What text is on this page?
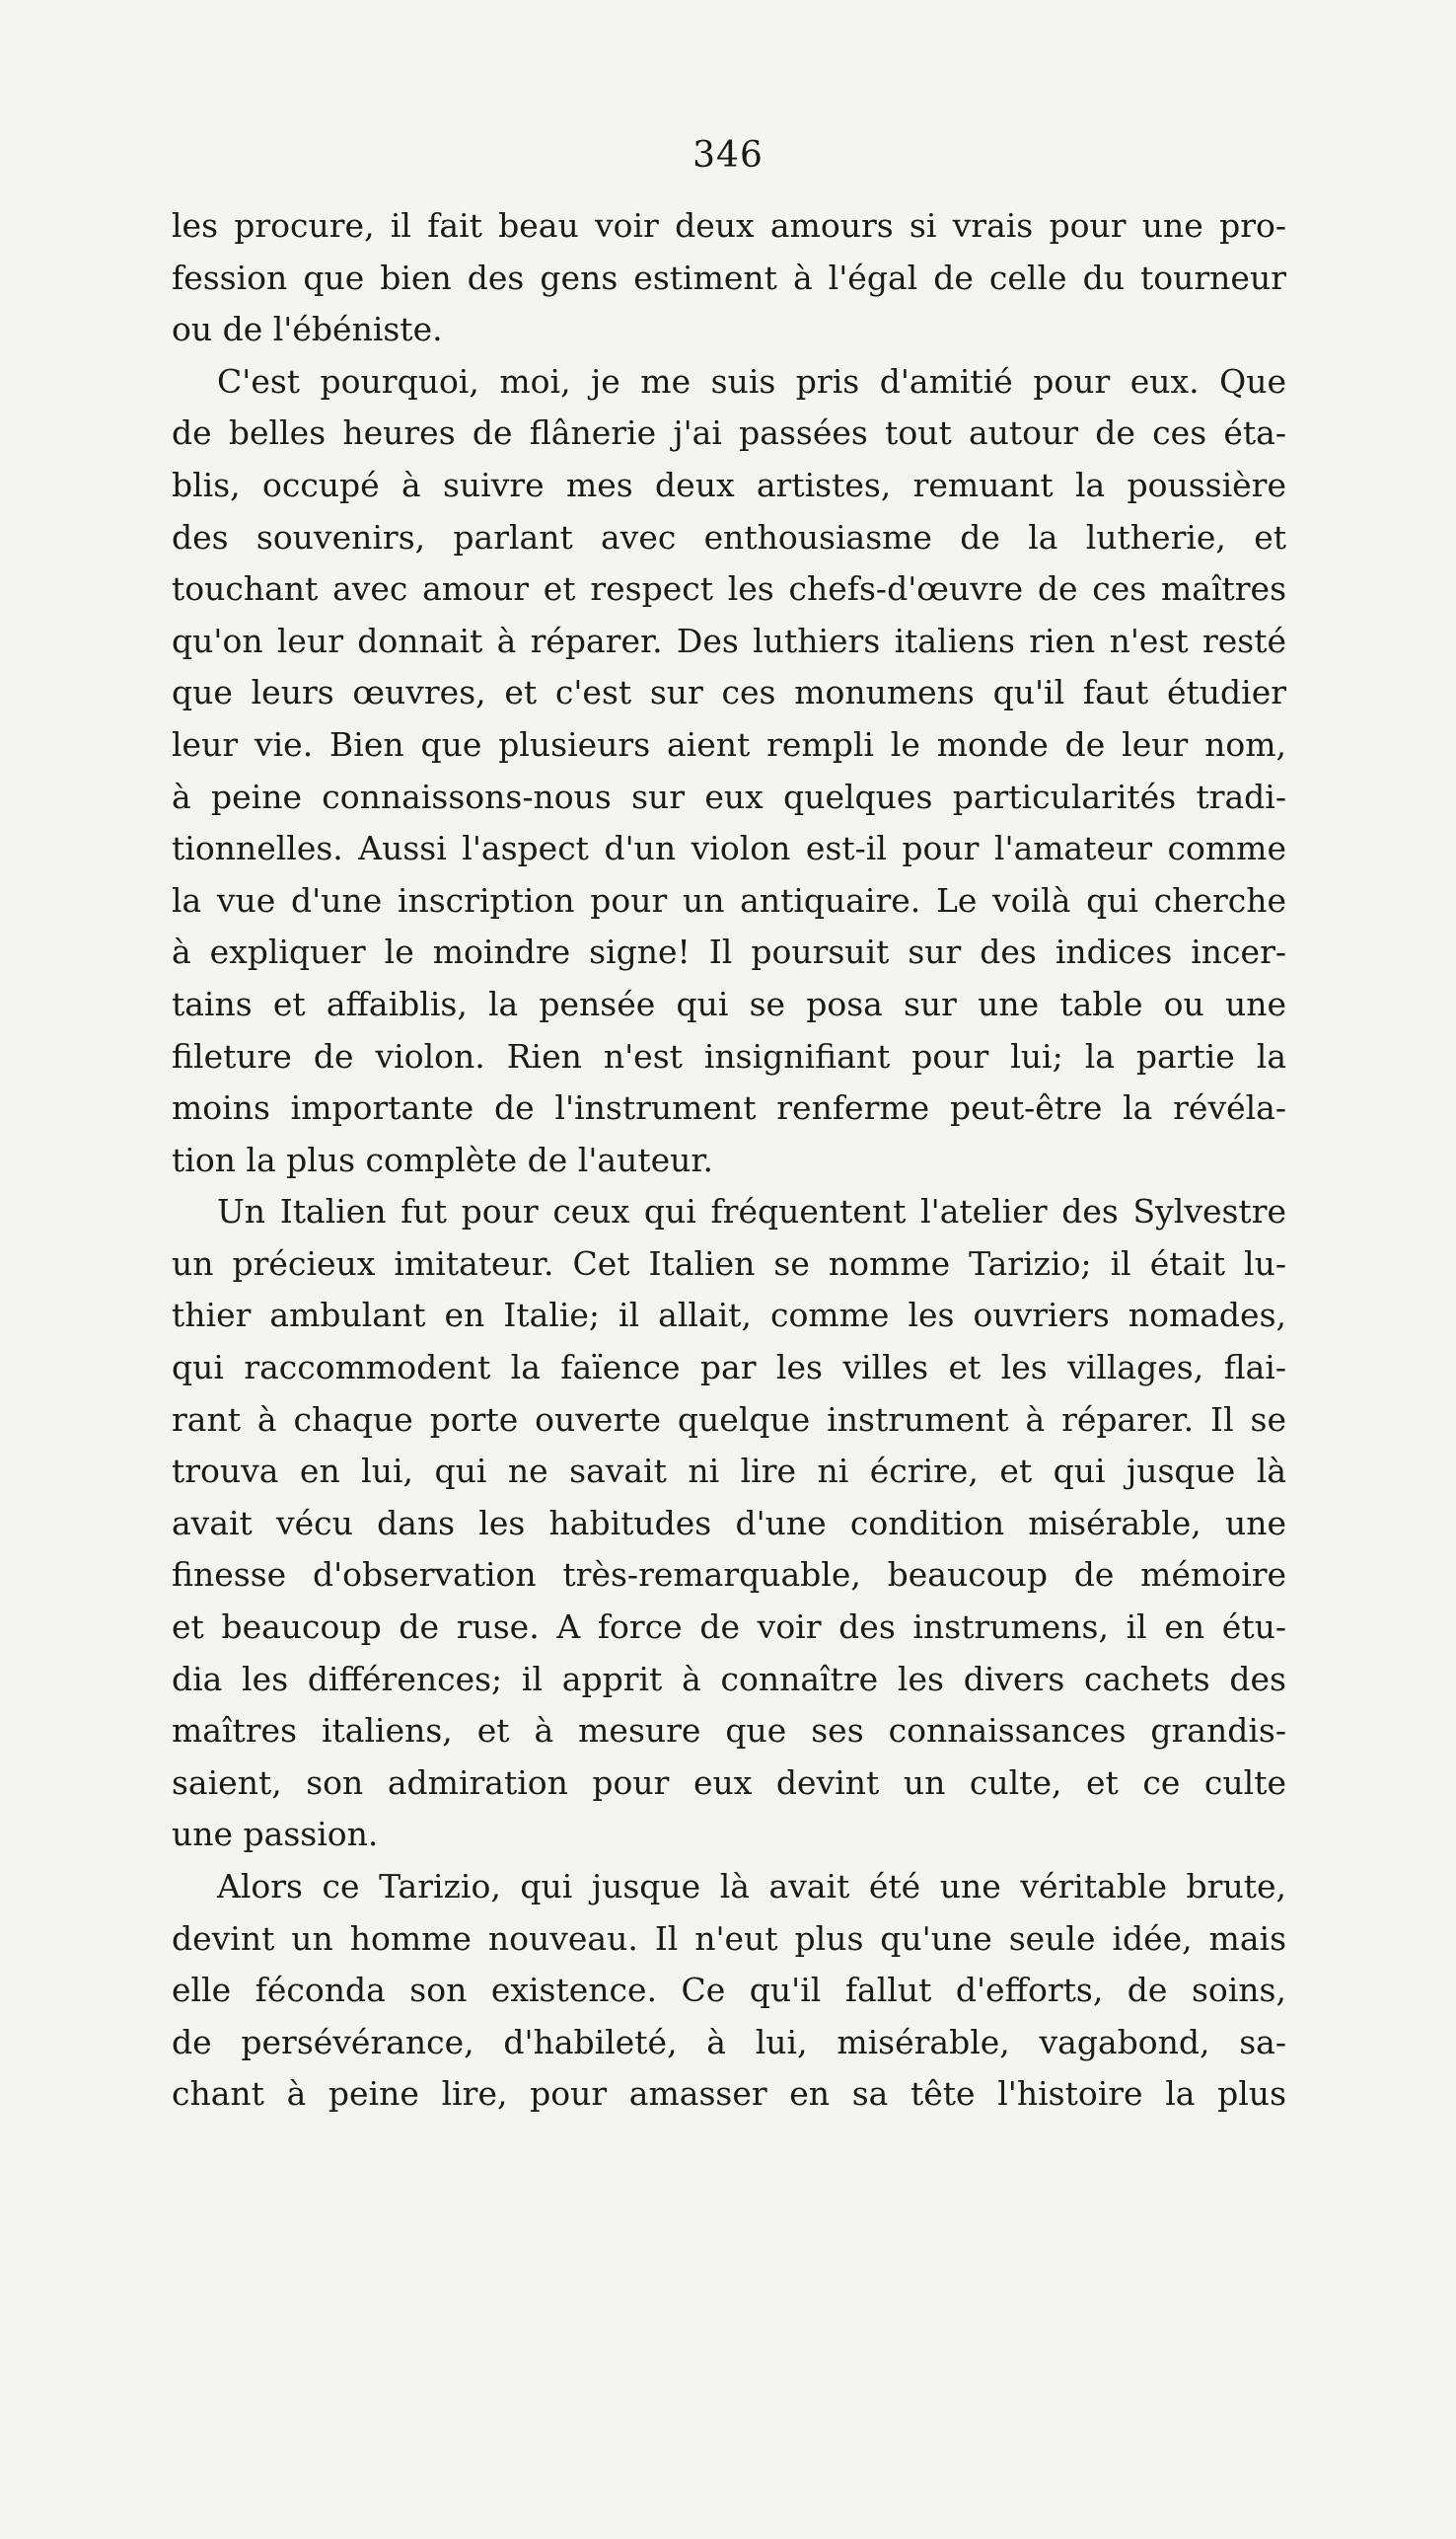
346
les procure, il fait beau voir deux amours si vrais pour une pro-
fession que bien des gens estiment à l'égal de celle du tourneur
ou de l'ébéniste.
C'est pourquoi, moi, je me suis pris d'amitié pour eux. Que
de belles heures de flânerie j'ai passées tout autour de ces éta-
blis, occupé à suivre mes deux artistes, remuant la poussière
des souvenirs, parlant avec enthousiasme de la lutherie, et
touchant avec amour et respect les chefs-d'œuvre de ces maîtres
qu'on leur donnait à réparer. Des luthiers italiens rien n'est resté
que leurs œuvres, et c'est sur ces monumens qu'il faut étudier
leur vie. Bien que plusieurs aient rempli le monde de leur nom,
à peine connaissons-nous sur eux quelques particularités tradi-
tionnelles. Aussi l'aspect d'un violon est-il pour l'amateur comme
la vue d'une inscription pour un antiquaire. Le voilà qui cherche
à expliquer le moindre signe! Il poursuit sur des indices incer-
tains et affaiblis, la pensée qui se posa sur une table ou une
fileture de violon. Rien n'est insignifiant pour lui; la partie la
moins importante de l'instrument renferme peut-être la révéla-
tion la plus complète de l'auteur.
Un Italien fut pour ceux qui fréquentent l'atelier des Sylvestre
un précieux imitateur. Cet Italien se nomme Tarizio; il était lu-
thier ambulant en Italie; il allait, comme les ouvriers nomades,
qui raccommodent la faïence par les villes et les villages, flai-
rant à chaque porte ouverte quelque instrument à réparer. Il se
trouva en lui, qui ne savait ni lire ni écrire, et qui jusque là
avait vécu dans les habitudes d'une condition misérable, une
finesse d'observation très-remarquable, beaucoup de mémoire
et beaucoup de ruse. A force de voir des instrumens, il en étu-
dia les différences; il apprit à connaître les divers cachets des
maîtres italiens, et à mesure que ses connaissances grandis-
saient, son admiration pour eux devint un culte, et ce culte
une passion.
Alors ce Tarizio, qui jusque là avait été une véritable brute,
devint un homme nouveau. Il n'eut plus qu'une seule idée, mais
elle féconda son existence. Ce qu'il fallut d'efforts, de soins,
de persévérance, d'habileté, à lui, misérable, vagabond, sa-
chant à peine lire, pour amasser en sa tête l'histoire la plus
